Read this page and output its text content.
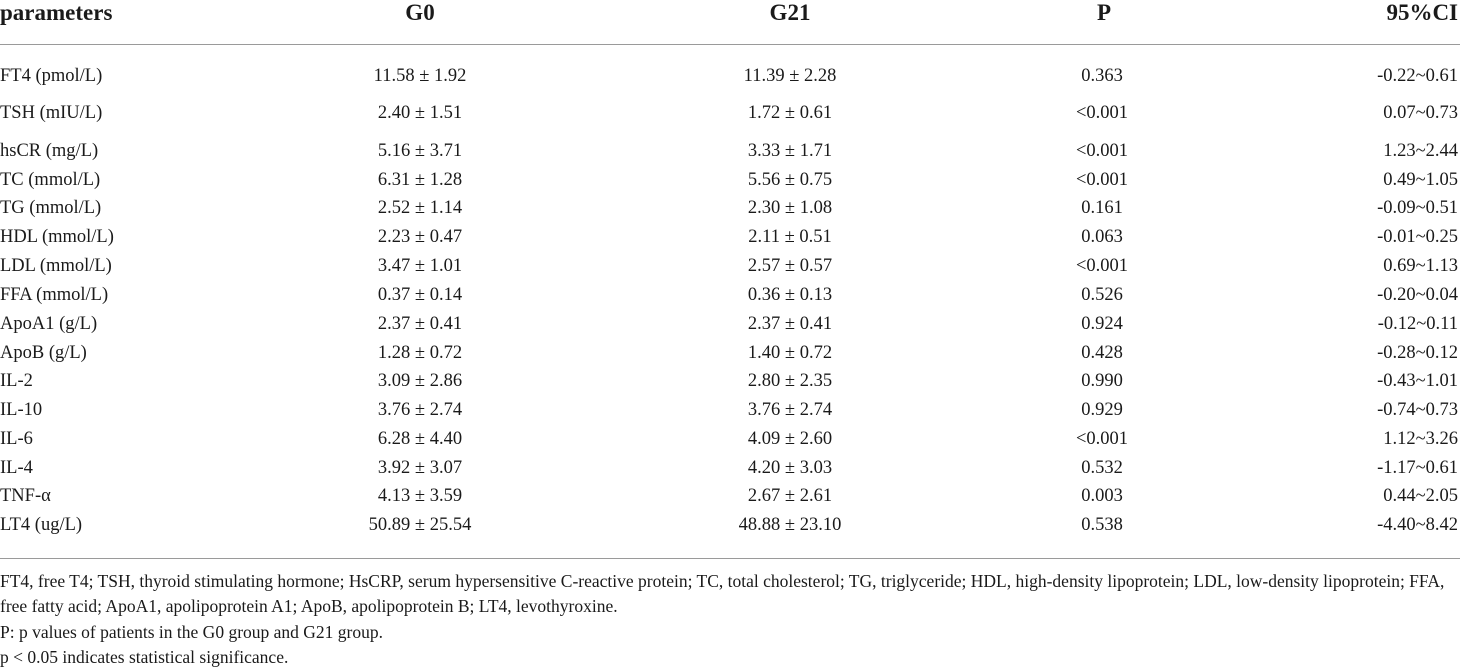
parameters	G0	G21	P	95%CI
FT4 (pmol/L)	11.58 ± 1.92	11.39 ± 2.28	0.363	-0.22~0.61
TSH (mIU/L)	2.40 ± 1.51	1.72 ± 0.61	<0.001	0.07~0.73
hsCR (mg/L)	5.16 ± 3.71	3.33 ± 1.71	<0.001	1.23~2.44
TC (mmol/L)	6.31 ± 1.28	5.56 ± 0.75	<0.001	0.49~1.05
TG (mmol/L)	2.52 ± 1.14	2.30 ± 1.08	0.161	-0.09~0.51
HDL (mmol/L)	2.23 ± 0.47	2.11 ± 0.51	0.063	-0.01~0.25
LDL (mmol/L)	3.47 ± 1.01	2.57 ± 0.57	<0.001	0.69~1.13
FFA (mmol/L)	0.37 ± 0.14	0.36 ± 0.13	0.526	-0.20~0.04
ApoA1 (g/L)	2.37 ± 0.41	2.37 ± 0.41	0.924	-0.12~0.11
ApoB (g/L)	1.28 ± 0.72	1.40 ± 0.72	0.428	-0.28~0.12
IL-2	3.09 ± 2.86	2.80 ± 2.35	0.990	-0.43~1.01
IL-10	3.76 ± 2.74	3.76 ± 2.74	0.929	-0.74~0.73
IL-6	6.28 ± 4.40	4.09 ± 2.60	<0.001	1.12~3.26
IL-4	3.92 ± 3.07	4.20 ± 3.03	0.532	-1.17~0.61
TNF-α	4.13 ± 3.59	2.67 ± 2.61	0.003	0.44~2.05
LT4 (ug/L)	50.89 ± 25.54	48.88 ± 23.10	0.538	-4.40~8.42
FT4, free T4; TSH, thyroid stimulating hormone; HsCRP, serum hypersensitive C-reactive protein; TC, total cholesterol; TG, triglyceride; HDL, high-density lipoprotein; LDL, low-density lipoprotein; FFA, free fatty acid; ApoA1, apolipoprotein A1; ApoB, apolipoprotein B; LT4, levothyroxine.
P: p values of patients in the G0 group and G21 group.
p < 0.05 indicates statistical significance.
